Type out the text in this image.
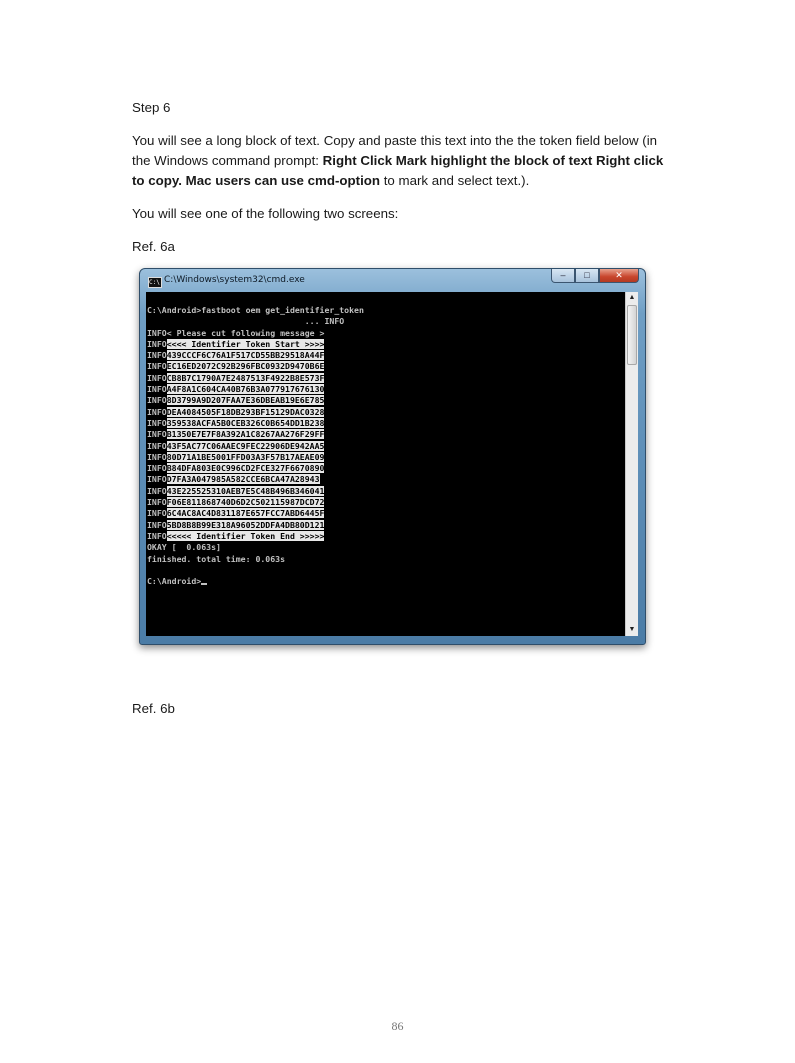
Step 6
You will see a long block of text. Copy and paste this text into the the token field below (in the Windows command prompt: Right Click Mark highlight the block of text Right click to copy. Mac users can use cmd-option to mark and select text.).
You will see one of the following two screens:
Ref. 6a
C:\ C:\Windows\system32\cmd.exe	–	□	✕
C:\Android>fastboot oem get_identifier_token
... INFO
INFO< Please cut following message >
INFO<<<< Identifier Token Start >>>>
INFO439CCCF6C76A1F517CD55BB29518A44F
INFOEC16ED2072C92B296FBC0932D9470B6E
INFOCB8B7C1790A7E2487513F4922B8E573F
INFOA4F8A1C604CA40B76B3A077917676130
INFO8D3799A9D207FAA7E36DBEAB19E6E785
INFODEA4084505F18DB293BF15129DAC0328
INFO359538ACFA5B0CEB326C0B654DD1B238
INFOB1350E7E7F8A392A1C8267AA276F29FF
INFO43F5AC77C06AAEC9FEC22906DE942AA5
INFO80D71A1BE5001FFD03A3F57B17AEAE09
INFOB84DFA803E0C996CD2FCE327F6670890
INFOD7FA3A047985A582CCE6BCA47A28943
INFO43E225525310AEB7E5C48B496B346041
INFOF06E811868740D6D2C502115987DCD72
INFO6C4AC8AC4D831187E657FCC7ABD6445F
INFO5BD8B8B99E318A96052DDFA4DB80D121
INFO<<<<< Identifier Token End >>>>>
OKAY [  0.063s]
finished. total time: 0.063s
C:\Android>
▲
▼
Ref. 6b
86
